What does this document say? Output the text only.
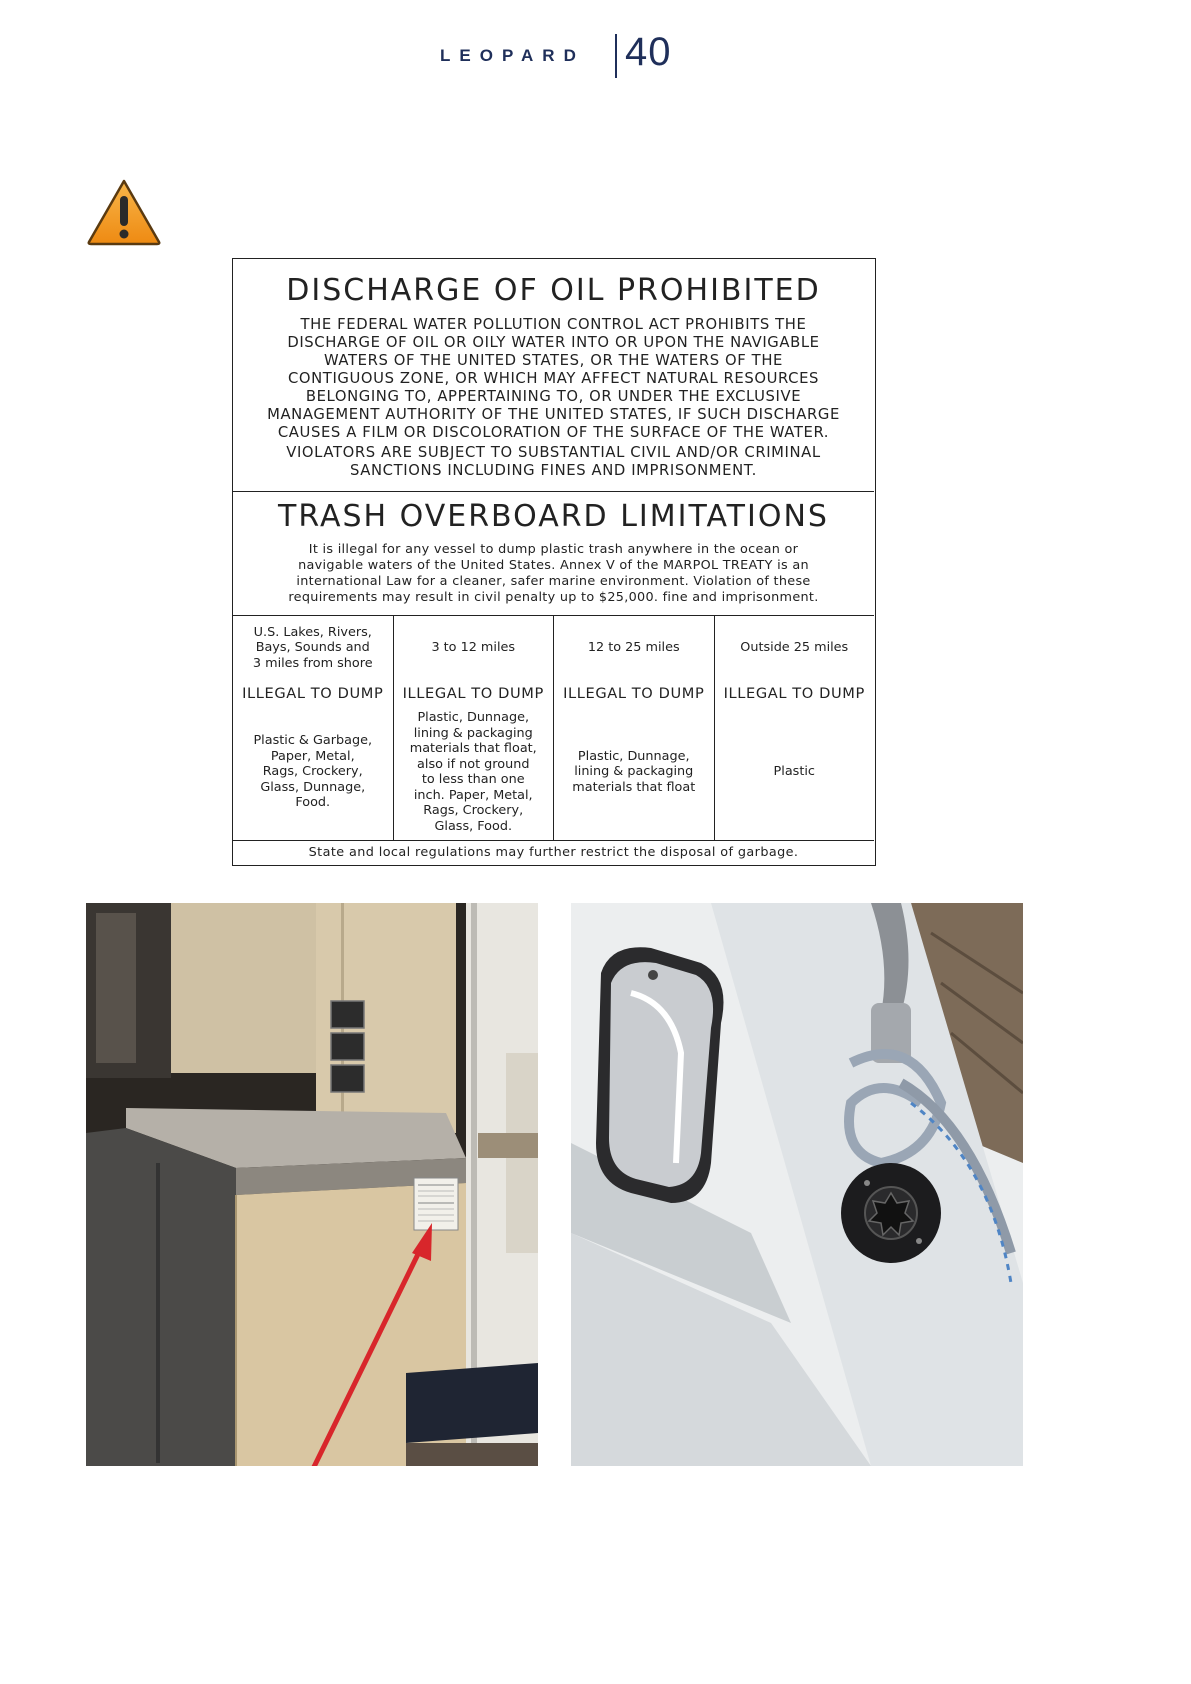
LEOPARD 40

DISCHARGE OF OIL PROHIBITED

THE FEDERAL WATER POLLUTION CONTROL ACT PROHIBITS THE
DISCHARGE OF OIL OR OILY WATER INTO OR UPON THE NAVIGABLE
WATERS OF THE UNITED STATES, OR THE WATERS OF THE
CONTIGUOUS ZONE, OR WHICH MAY AFFECT NATURAL RESOURCES
BELONGING TO, APPERTAINING TO, OR UNDER THE EXCLUSIVE
MANAGEMENT AUTHORITY OF THE UNITED STATES, IF SUCH DISCHARGE
CAUSES A FILM OR DISCOLORATION OF THE SURFACE OF THE WATER.

VIOLATORS ARE SUBJECT TO SUBSTANTIAL CIVIL AND/OR CRIMINAL
SANCTIONS INCLUDING FINES AND IMPRISONMENT.

TRASH OVERBOARD LIMITATIONS

It is illegal for any vessel to dump plastic trash anywhere in the ocean or
navigable waters of the United States. Annex V of the MARPOL TREATY is an
international Law for a cleaner, safer marine environment. Violation of these
requirements may result in civil penalty up to $25,000. fine and imprisonment.

U.S. Lakes, Rivers,
Bays, Sounds and
3 miles from shore
ILLEGAL TO DUMP
Plastic & Garbage,
Paper, Metal,
Rags, Crockery,
Glass, Dunnage,
Food.
3 to 12 miles
ILLEGAL TO DUMP
Plastic, Dunnage,
lining & packaging
materials that float,
also if not ground
to less than one
inch. Paper, Metal,
Rags, Crockery,
Glass, Food.
12 to 25 miles
ILLEGAL TO DUMP
Plastic, Dunnage,
lining & packaging
materials that float
Outside 25 miles
ILLEGAL TO DUMP
Plastic
State and local regulations may further restrict the disposal of garbage.
